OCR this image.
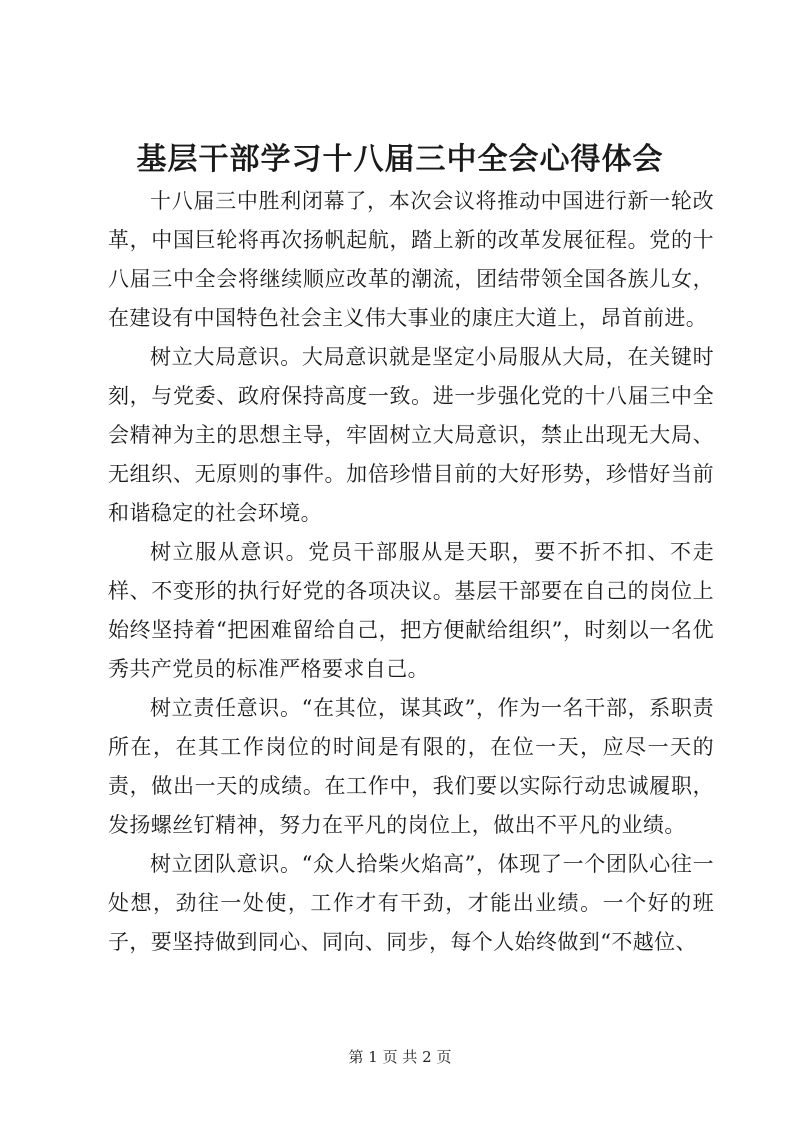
基层干部学习十八届三中全会心得体会

十八届三中胜利闭幕了，本次会议将推动中国进行新一轮改革，中国巨轮将再次扬帆起航，踏上新的改革发展征程。党的十八届三中全会将继续顺应改革的潮流，团结带领全国各族儿女，在建设有中国特色社会主义伟大事业的康庄大道上，昂首前进。

树立大局意识。大局意识就是坚定小局服从大局，在关键时刻，与党委、政府保持高度一致。进一步强化党的十八届三中全会精神为主的思想主导，牢固树立大局意识，禁止出现无大局、无组织、无原则的事件。加倍珍惜目前的大好形势，珍惜好当前和谐稳定的社会环境。

树立服从意识。党员干部服从是天职，要不折不扣、不走样、不变形的执行好党的各项决议。基层干部要在自己的岗位上始终坚持着“把困难留给自己，把方便献给组织”，时刻以一名优秀共产党员的标准严格要求自己。

树立责任意识。“在其位，谋其政”，作为一名干部，系职责所在，在其工作岗位的时间是有限的，在位一天，应尽一天的责，做出一天的成绩。在工作中，我们要以实际行动忠诚履职，发扬螺丝钉精神，努力在平凡的岗位上，做出不平凡的业绩。

树立团队意识。“众人拾柴火焰高”，体现了一个团队心往一处想，劲往一处使，工作才有干劲，才能出业绩。一个好的班子，要坚持做到同心、同向、同步，每个人始终做到“不越位、

第 1 页 共 2 页
